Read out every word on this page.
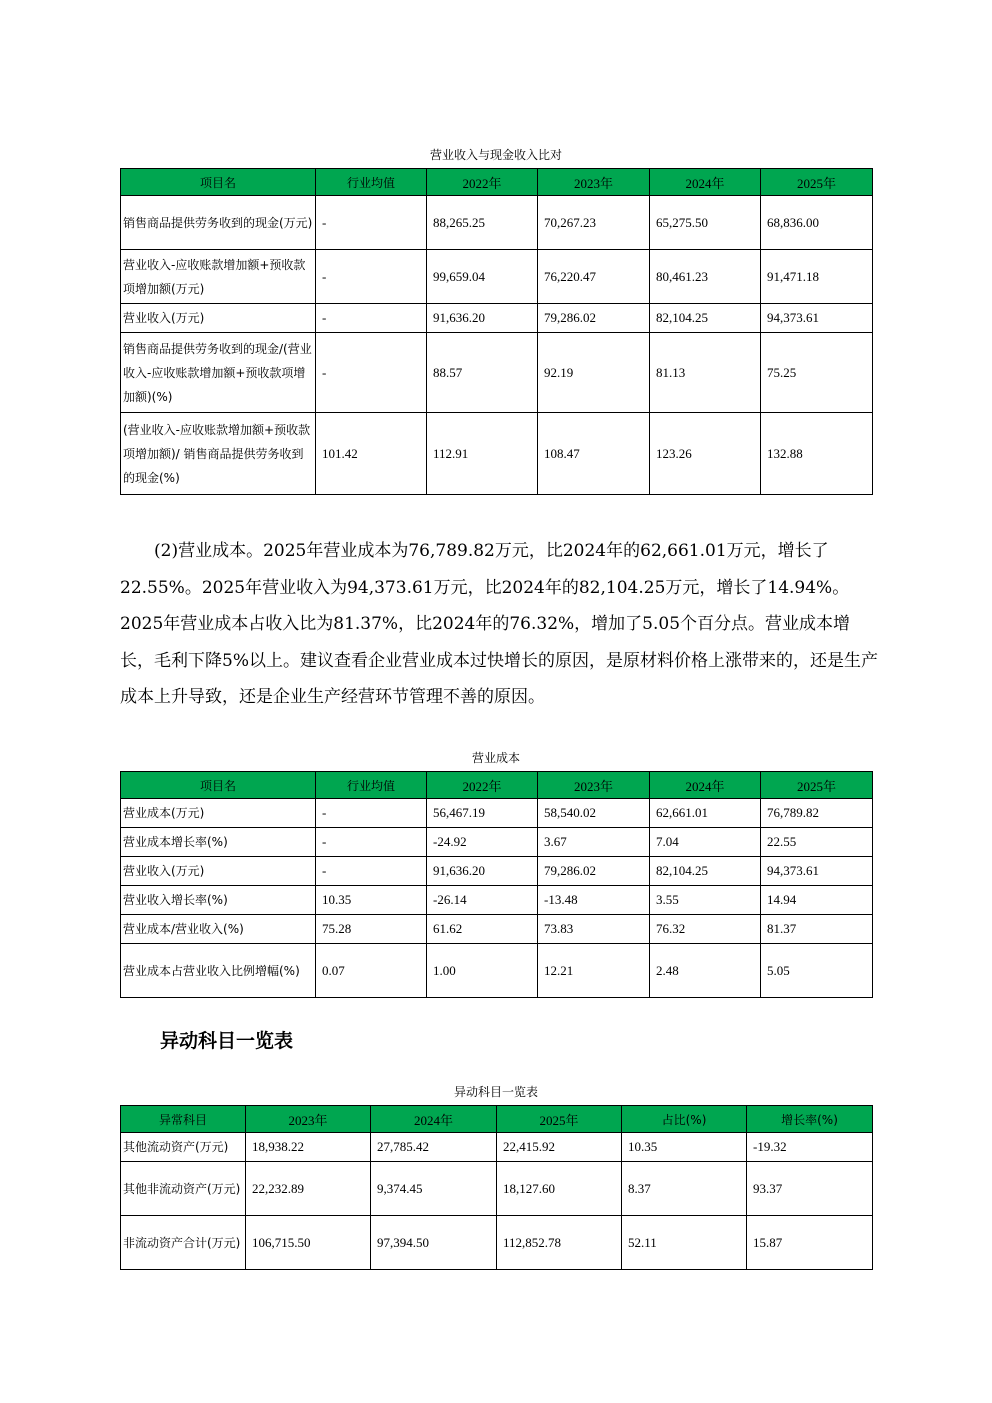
营业收入与现金收入比对
项目名	行业均值	2022年	2023年	2024年	2025年
销售商品提供劳务收到的现金(万元)	-	88,265.25	70,267.23	65,275.50	68,836.00
营业收入-应收账款增加额+预收款项增加额(万元)	-	99,659.04	76,220.47	80,461.23	91,471.18
营业收入(万元)	-	91,636.20	79,286.02	82,104.25	94,373.61
销售商品提供劳务收到的现金/(营业收入-应收账款增加额+预收款项增加额)(%)	-	88.57	92.19	81.13	75.25
(营业收入-应收账款增加额+预收款项增加额)/ 销售商品提供劳务收到的现金(%)	101.42	112.91	108.47	123.26	132.88
(2)营业成本。2025年营业成本为76,789.82万元，比2024年的62,661.01万元，增长了22.55%。2025年营业收入为94,373.61万元，比2024年的82,104.25万元，增长了14.94%。2025年营业成本占收入比为81.37%，比2024年的76.32%，增加了5.05个百分点。营业成本增长，毛利下降5%以上。建议查看企业营业成本过快增长的原因，是原材料价格上涨带来的，还是生产成本上升导致，还是企业生产经营环节管理不善的原因。
营业成本
项目名	行业均值	2022年	2023年	2024年	2025年
营业成本(万元)	-	56,467.19	58,540.02	62,661.01	76,789.82
营业成本增长率(%)	-	-24.92	3.67	7.04	22.55
营业收入(万元)	-	91,636.20	79,286.02	82,104.25	94,373.61
营业收入增长率(%)	10.35	-26.14	-13.48	3.55	14.94
营业成本/营业收入(%)	75.28	61.62	73.83	76.32	81.37
营业成本占营业收入比例增幅(%)	0.07	1.00	12.21	2.48	5.05
异动科目一览表
异动科目一览表
异常科目	2023年	2024年	2025年	占比(%)	增长率(%)
其他流动资产(万元)	18,938.22	27,785.42	22,415.92	10.35	-19.32
其他非流动资产(万元)	22,232.89	9,374.45	18,127.60	8.37	93.37
非流动资产合计(万元)	106,715.50	97,394.50	112,852.78	52.11	15.87
